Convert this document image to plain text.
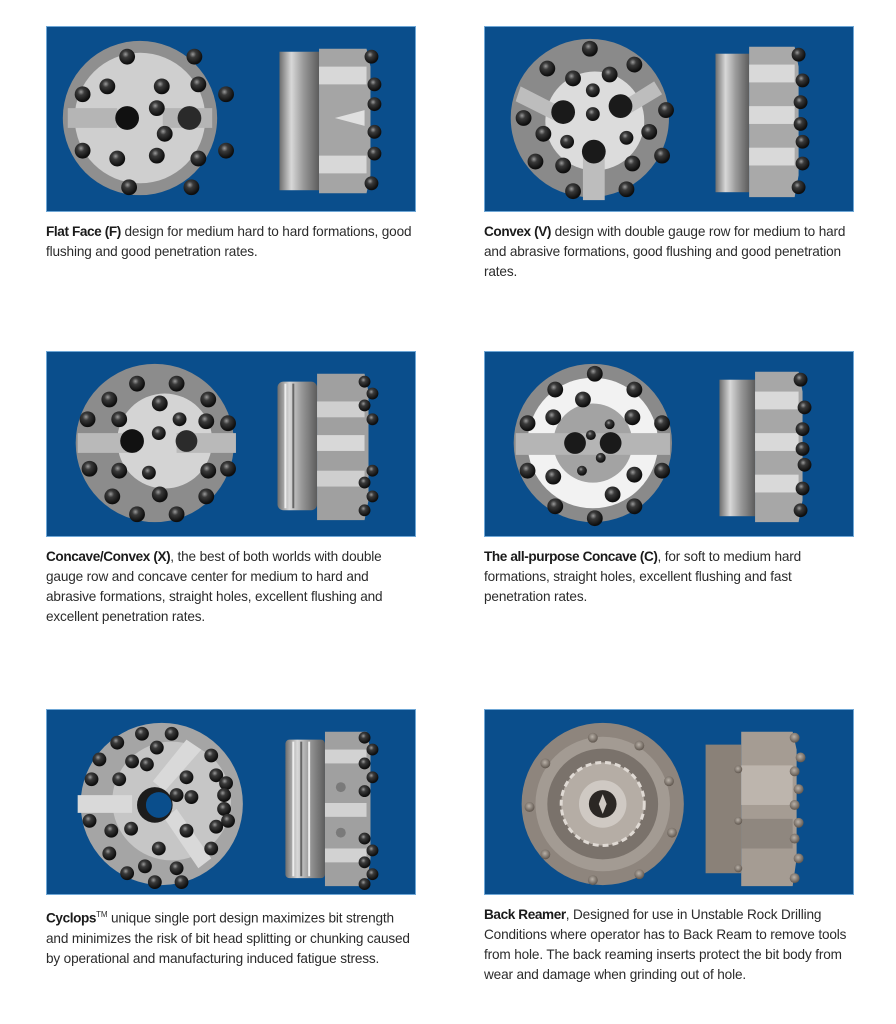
Flat Face (F) design for medium hard to hard formations, good flushing and good penetration rates.
Convex (V) design with double gauge row for medium to hard and abrasive formations, good flushing and good penetration rates.
Concave/Convex (X), the best of both worlds with double gauge row and concave center for medium to hard and abrasive formations, straight holes, excellent flushing and excellent penetration rates.
The all-purpose Concave (C), for soft to medium hard formations, straight holes, excellent flushing and fast penetration rates.
Cyclops™ unique single port design maximizes bit strength and minimizes the risk of bit head splitting or chunking caused by operational and manufacturing induced fatigue stress.
Back Reamer, Designed for use in Unstable Rock Drilling Conditions where operator has to Back Ream to remove tools from hole. The back reaming inserts protect the bit body from wear and damage when grinding out of hole.
